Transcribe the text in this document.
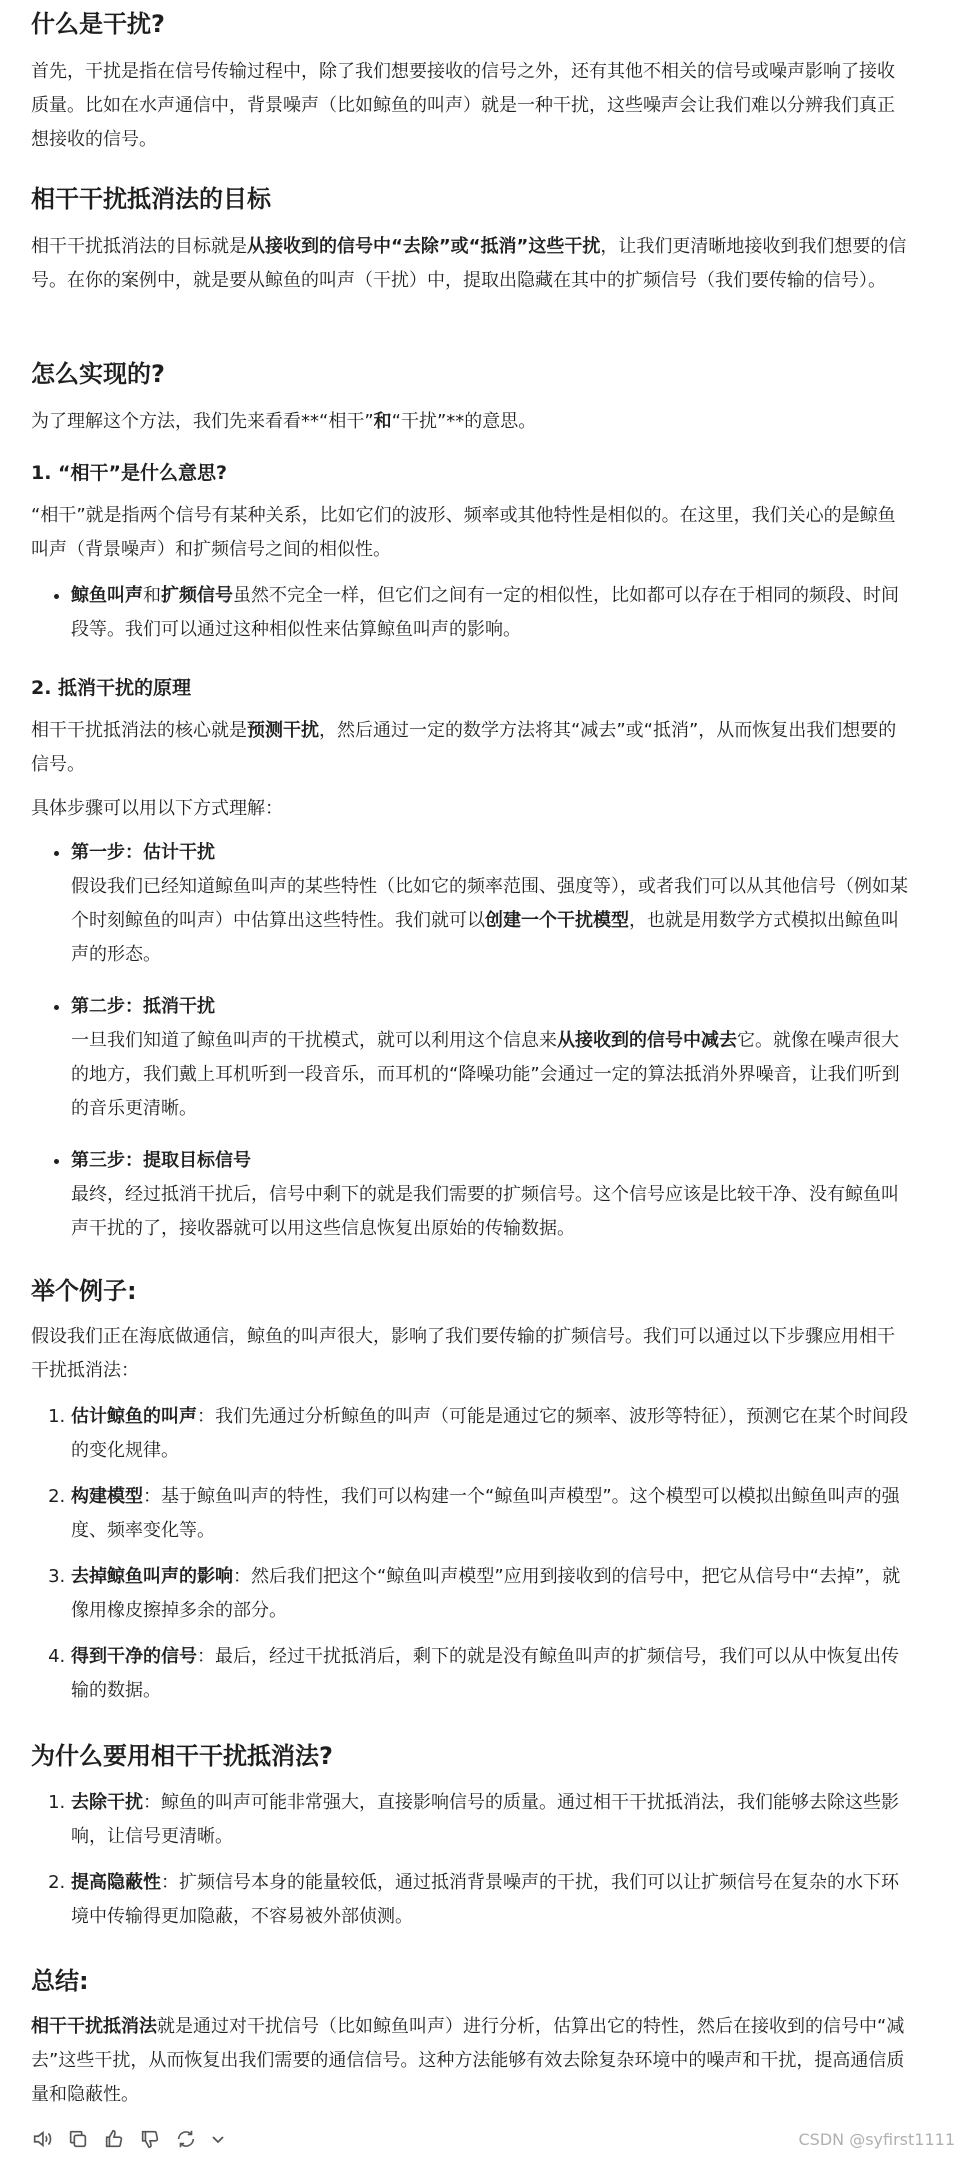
什么是干扰?

首先，干扰是指在信号传输过程中，除了我们想要接收的信号之外，还有其他不相关的信号或噪声影响了接收质量。比如在水声通信中，背景噪声（比如鲸鱼的叫声）就是一种干扰，这些噪声会让我们难以分辨我们真正想接收的信号。

相干干扰抵消法的目标

相干干扰抵消法的目标就是从接收到的信号中“去除”或“抵消”这些干扰，让我们更清晰地接收到我们想要的信号。在你的案例中，就是要从鲸鱼的叫声（干扰）中，提取出隐藏在其中的扩频信号（我们要传输的信号）。

怎么实现的?

为了理解这个方法，我们先来看看**“相干”和“干扰”**的意思。

1. “相干”是什么意思?

“相干”就是指两个信号有某种关系，比如它们的波形、频率或其他特性是相似的。在这里，我们关心的是鲸鱼叫声（背景噪声）和扩频信号之间的相似性。

• 鲸鱼叫声和扩频信号虽然不完全一样，但它们之间有一定的相似性，比如都可以存在于相同的频段、时间段等。我们可以通过这种相似性来估算鲸鱼叫声的影响。
2. 抵消干扰的原理

相干干扰抵消法的核心就是预测干扰，然后通过一定的数学方法将其“减去”或“抵消”，从而恢复出我们想要的信号。

具体步骤可以用以下方式理解：

• 第一步：估计干扰
假设我们已经知道鲸鱼叫声的某些特性（比如它的频率范围、强度等），或者我们可以从其他信号（例如某个时刻鲸鱼的叫声）中估算出这些特性。我们就可以创建一个干扰模型，也就是用数学方式模拟出鲸鱼叫声的形态。
• 第二步：抵消干扰
一旦我们知道了鲸鱼叫声的干扰模式，就可以利用这个信息来从接收到的信号中减去它。就像在噪声很大的地方，我们戴上耳机听到一段音乐，而耳机的“降噪功能”会通过一定的算法抵消外界噪音，让我们听到的音乐更清晰。
• 第三步：提取目标信号
最终，经过抵消干扰后，信号中剩下的就是我们需要的扩频信号。这个信号应该是比较干净、没有鲸鱼叫声干扰的了，接收器就可以用这些信息恢复出原始的传输数据。
举个例子:

假设我们正在海底做通信，鲸鱼的叫声很大，影响了我们要传输的扩频信号。我们可以通过以下步骤应用相干干扰抵消法：

1. 估计鲸鱼的叫声：我们先通过分析鲸鱼的叫声（可能是通过它的频率、波形等特征），预测它在某个时间段的变化规律。
2. 构建模型：基于鲸鱼叫声的特性，我们可以构建一个“鲸鱼叫声模型”。这个模型可以模拟出鲸鱼叫声的强度、频率变化等。
3. 去掉鲸鱼叫声的影响：然后我们把这个“鲸鱼叫声模型”应用到接收到的信号中，把它从信号中“去掉”，就像用橡皮擦掉多余的部分。
4. 得到干净的信号：最后，经过干扰抵消后，剩下的就是没有鲸鱼叫声的扩频信号，我们可以从中恢复出传输的数据。
为什么要用相干干扰抵消法?
1. 去除干扰：鲸鱼的叫声可能非常强大，直接影响信号的质量。通过相干干扰抵消法，我们能够去除这些影响，让信号更清晰。
2. 提高隐蔽性：扩频信号本身的能量较低，通过抵消背景噪声的干扰，我们可以让扩频信号在复杂的水下环境中传输得更加隐蔽，不容易被外部侦测。
总结:

相干干扰抵消法就是通过对干扰信号（比如鲸鱼叫声）进行分析，估算出它的特性，然后在接收到的信号中“减去”这些干扰，从而恢复出我们需要的通信信号。这种方法能够有效去除复杂环境中的噪声和干扰，提高通信质量和隐蔽性。

CSDN @syfirst1111
